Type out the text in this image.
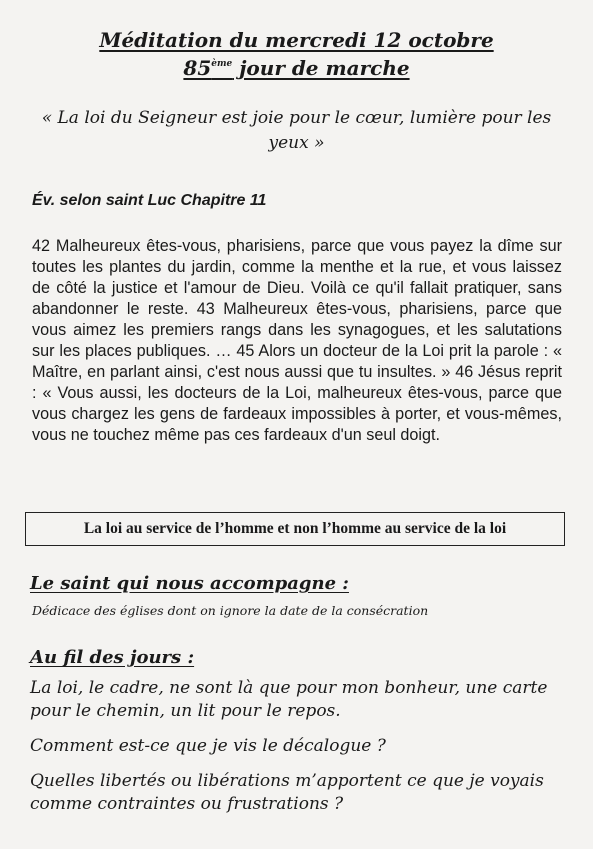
Méditation du mercredi 12 octobre
85ème jour de marche
« La loi du Seigneur est joie pour le cœur, lumière pour les yeux »
Év. selon saint Luc Chapitre 11
42 Malheureux êtes-vous, pharisiens, parce que vous payez la dîme sur toutes les plantes du jardin, comme la menthe et la rue, et vous laissez de côté la justice et l'amour de Dieu. Voilà ce qu'il fallait pratiquer, sans abandonner le reste. 43 Malheureux êtes-vous, pharisiens, parce que vous aimez les premiers rangs dans les synagogues, et les salutations sur les places publiques. … 45 Alors un docteur de la Loi prit la parole : « Maître, en parlant ainsi, c'est nous aussi que tu insultes. » 46 Jésus reprit : « Vous aussi, les docteurs de la Loi, malheureux êtes-vous, parce que vous chargez les gens de fardeaux impossibles à porter, et vous-mêmes, vous ne touchez même pas ces fardeaux d'un seul doigt.
La loi au service de l’homme et non l’homme au service de la loi
Le saint qui nous accompagne :
Dédicace des églises dont on ignore la date de la consécration
Au fil des jours :

La loi, le cadre, ne sont là que pour mon bonheur, une carte pour le chemin, un lit pour le repos.

Comment est-ce que je vis le décalogue ?

Quelles libertés ou libérations m’apportent ce que je voyais comme contraintes ou frustrations ?
